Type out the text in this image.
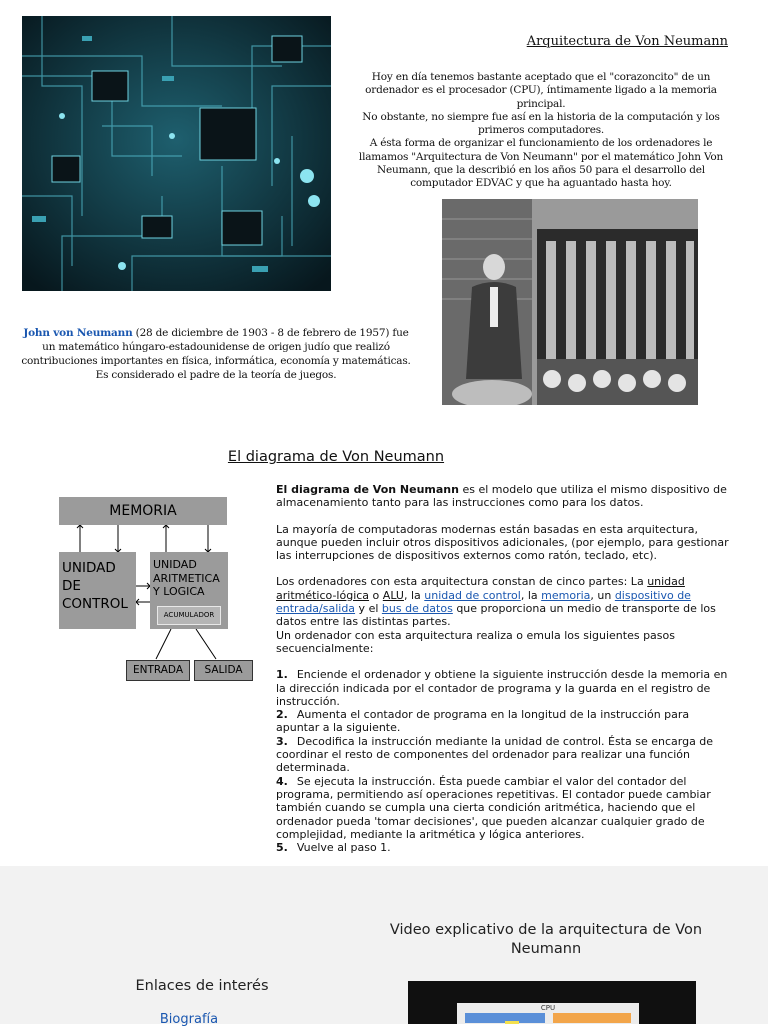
Arquitectura de Von Neumann

Hoy en día tenemos bastante aceptado que el "corazoncito" de un ordenador es el procesador (CPU), íntimamente ligado a la memoria principal.

No obstante, no siempre fue así en la historia de la computación y los primeros computadores.

A ésta forma de organizar el funcionamiento de los ordenadores le llamamos "Arquitectura de Von Neumann" por el matemático John Von Neumann, que la describió en los años 50 para el desarrollo del computador EDVAC y que ha aguantado hasta hoy.

John von Neumann (28 de diciembre de 1903 - 8 de febrero de 1957) fue un matemático húngaro-estadounidense de origen judío que realizó contribuciones importantes en física, informática, economía y matemáticas. Es considerado el padre de la teoría de juegos.
El diagrama de Von Neumann
MEMORIA
UNIDAD DE CONTROL
UNIDAD ARITMETICA Y LOGICA
ACUMULADOR
ENTRADA	SALIDA

El diagrama de Von Neumann es el modelo que utiliza el mismo dispositivo de almacenamiento tanto para las instrucciones como para los datos.

La mayoría de computadoras modernas están basadas en esta arquitectura, aunque pueden incluir otros dispositivos adicionales, (por ejemplo, para gestionar las interrupciones de dispositivos externos como ratón, teclado, etc).

Los ordenadores con esta arquitectura constan de cinco partes: La unidad aritmético-lógica o ALU, la unidad de control, la memoria, un dispositivo de entrada/salida y el bus de datos que proporciona un medio de transporte de los datos entre las distintas partes.

Un ordenador con esta arquitectura realiza o emula los siguientes pasos secuencialmente:

1. Enciende el ordenador y obtiene la siguiente instrucción desde la memoria en la dirección indicada por el contador de programa y la guarda en el registro de instrucción.
2. Aumenta el contador de programa en la longitud de la instrucción para apuntar a la siguiente.
3. Decodifica la instrucción mediante la unidad de control. Ésta se encarga de coordinar el resto de componentes del ordenador para realizar una función determinada.
4. Se ejecuta la instrucción. Ésta puede cambiar el valor del contador del programa, permitiendo así operaciones repetitivas. El contador puede cambiar también cuando se cumpla una cierta condición aritmética, haciendo que el ordenador pueda 'tomar decisiones', que pueden alcanzar cualquier grado de complejidad, mediante la aritmética y lógica anteriores.
5. Vuelve al paso 1.
Video explicativo de la arquitectura de Von Neumann
Enlaces de interés
Biografía
CPU
